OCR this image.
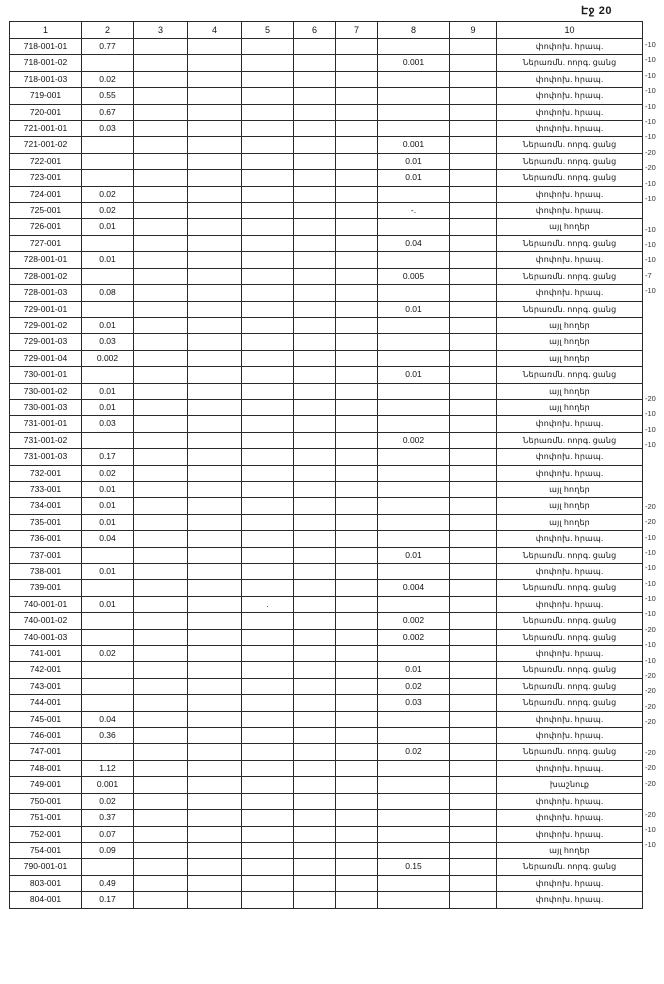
Էջ 20
1	2	3	4	5	6	7	8	9	10
718-001-01	0.77								փոփոխ. հրապ.
718-001-02							0.001		Ներառմն. ոորգ. ցանց
718-001-03	0.02								փոփոխ. հրապ.
719-001	0.55								փոփոխ. հրապ.
720-001	0.67								փոփոխ. հրապ.
721-001-01	0.03								փոփոխ. հրապ.
721-001-02							0.001		Ներառմն. ոորգ. ցանց
722-001							0.01		Ներառմն. ոորգ. ցանց
723-001							0.01		Ներառմն. ոորգ. ցանց
724-001	0.02								փոփոխ. հրապ.
725-001	0.02						-.		փոփոխ. հրապ.
726-001	0.01								այլ հողեր
727-001							0.04		Ներառմն. ոորգ. ցանց
728-001-01	0.01								փոփոխ. հրապ.
728-001-02							0.005		Ներառմն. ոորգ. ցանց
728-001-03	0.08								փոփոխ. հրապ.
729-001-01							0.01		Ներառմն. ոորգ. ցանց
729-001-02	0.01								այլ հողեր
729-001-03	0.03								այլ հողեր
729-001-04	0.002								այլ հողեր
730-001-01							0.01		Ներառմն. ոորգ. ցանց
730-001-02	0.01								այլ հողեր
730-001-03	0.01								այլ հողեր
731-001-01	0.03								փոփոխ. հրապ.
731-001-02							0.002		Ներառմն. ոորգ. ցանց
731-001-03	0.17								փոփոխ. հրապ.
732-001	0.02								փոփոխ. հրապ.
733-001	0.01								այլ հողեր
734-001	0.01								այլ հողեր
735-001	0.01								այլ հողեր
736-001	0.04								փոփոխ. հրապ.
737-001							0.01		Ներառմն. ոորգ. ցանց
738-001	0.01								փոփոխ. հրապ.
739-001							0.004		Ներառմն. ոորգ. ցանց
740-001-01	0.01			.					փոփոխ. հրապ.
740-001-02							0.002		Ներառմն. ոորգ. ցանց
740-001-03							0.002		Ներառմն. ոորգ. ցանց
741-001	0.02								փոփոխ. հրապ.
742-001							0.01		Ներառմն. ոորգ. ցանց
743-001							0.02		Ներառմն. ոորգ. ցանց
744-001							0.03		Ներառմն. ոորգ. ցանց
745-001	0.04								փոփոխ. հրապ.
746-001	0.36								փոփոխ. հրապ.
747-001							0.02		Ներառմն. ոորգ. ցանց
748-001	1.12								փոփոխ. հրապ.
749-001	0.001								խաշնուք
750-001	0.02								փոփոխ. հրապ.
751-001	0.37								փոփոխ. հրապ.
752-001	0.07								փոփոխ. հրապ.
754-001	0.09								այլ հողեր
790-001-01							0.15		Ներառմն. ոորգ. ցանց
803-001	0.49								փոփոխ. հրապ.
804-001	0.17								փոփոխ. հրապ.
-10
-10
-10
-10
-10
-10
-10
-20
-20
-10
-10
-10
-10
-10
-7
-10
-20
-10
-10
-10
-20
-20
-10
-10
-10
-10
-10
-10
-20
-10
-10
-20
-20
-20
-20
-20
-20
-20
-20
-10
-10
